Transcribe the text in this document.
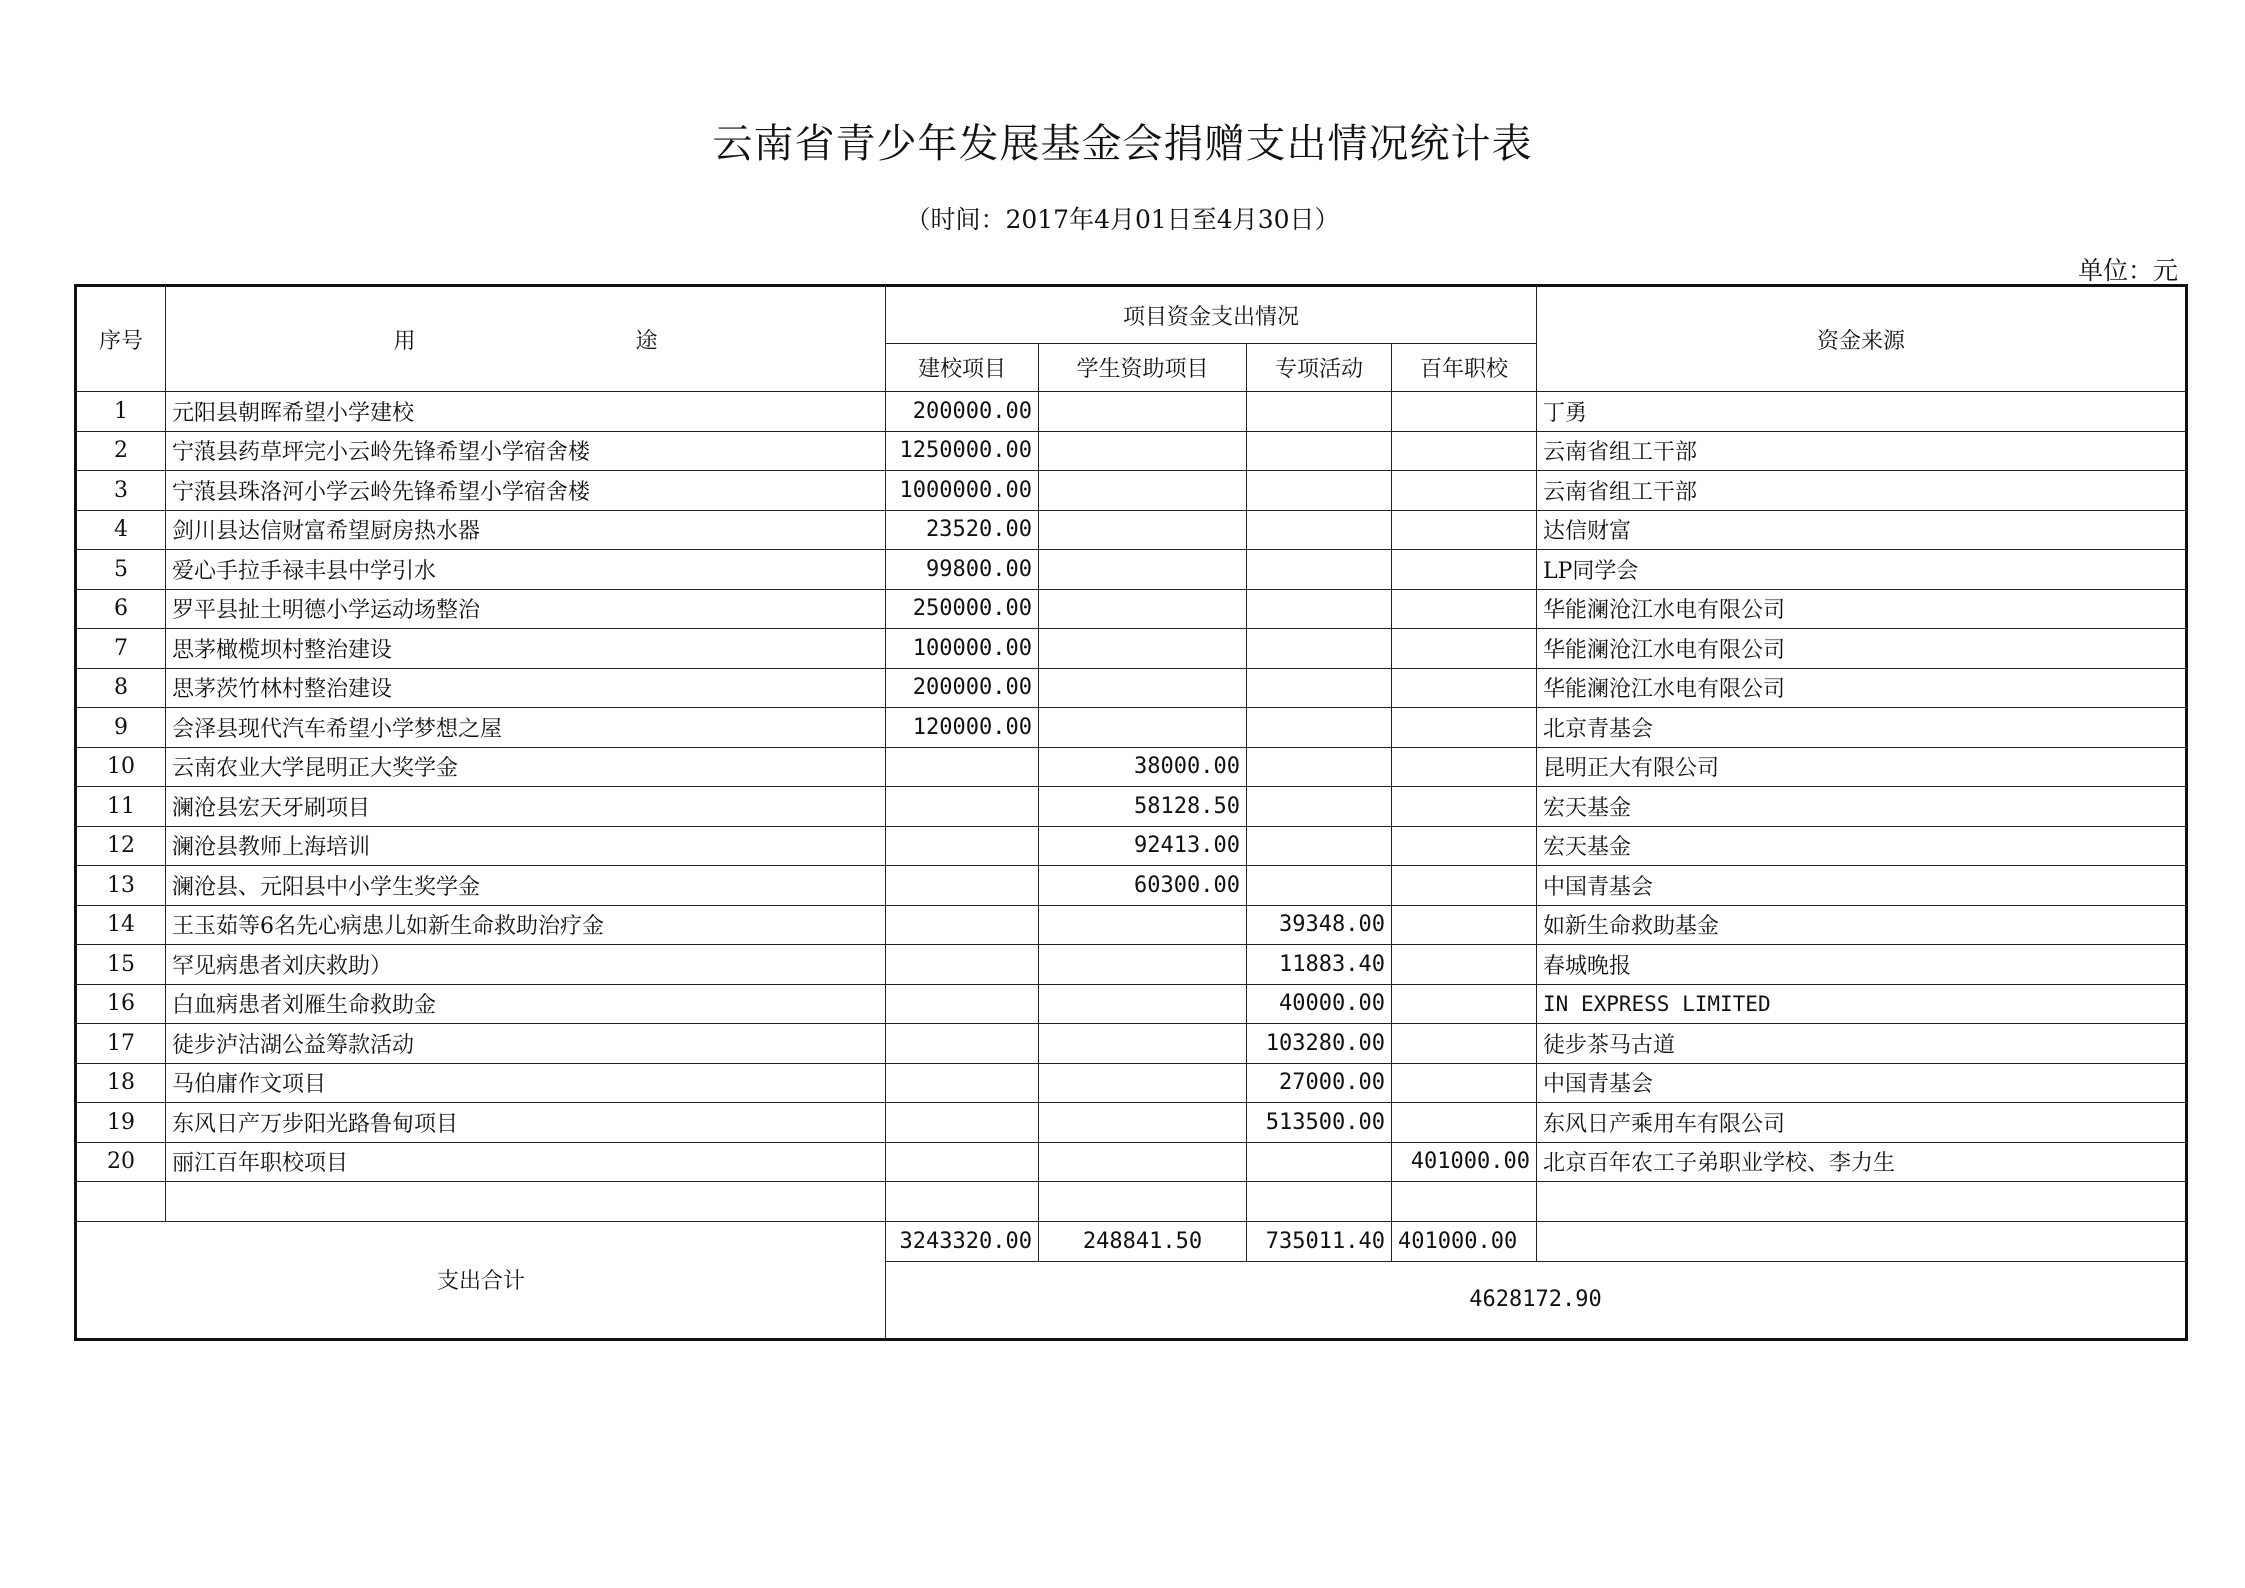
云南省青少年发展基金会捐赠支出情况统计表
（时间：2017年4月01日至4月30日）
单位：元
序号	用 途	项目资金支出情况				资金来源
		建校项目	学生资助项目	专项活动	百年职校	
1	元阳县朝晖希望小学建校	200000.00				丁勇
2	宁蒗县药草坪完小云岭先锋希望小学宿舍楼	1250000.00				云南省组工干部
3	宁蒗县珠洛河小学云岭先锋希望小学宿舍楼	1000000.00				云南省组工干部
4	剑川县达信财富希望厨房热水器	23520.00				达信财富
5	爱心手拉手禄丰县中学引水	99800.00				LP同学会
6	罗平县扯土明德小学运动场整治	250000.00				华能澜沧江水电有限公司
7	思茅橄榄坝村整治建设	100000.00				华能澜沧江水电有限公司
8	思茅茨竹林村整治建设	200000.00				华能澜沧江水电有限公司
9	会泽县现代汽车希望小学梦想之屋	120000.00				北京青基会
10	云南农业大学昆明正大奖学金		38000.00			昆明正大有限公司
11	澜沧县宏天牙刷项目		58128.50			宏天基金
12	澜沧县教师上海培训		92413.00			宏天基金
13	澜沧县、元阳县中小学生奖学金		60300.00			中国青基会
14	王玉茹等6名先心病患儿如新生命救助治疗金			39348.00		如新生命救助基金
15	罕见病患者刘庆救助）			11883.40		春城晚报
16	白血病患者刘雁生命救助金			40000.00		IN EXPRESS LIMITED
17	徒步泸沽湖公益筹款活动			103280.00		徒步茶马古道
18	马伯庸作文项目			27000.00		中国青基会
19	东风日产万步阳光路鲁甸项目			513500.00		东风日产乘用车有限公司
20	丽江百年职校项目				401000.00	北京百年农工子弟职业学校、李力生

支出合计		3243320.00	248841.50	735011.40	401000.00	
		4628172.90				
